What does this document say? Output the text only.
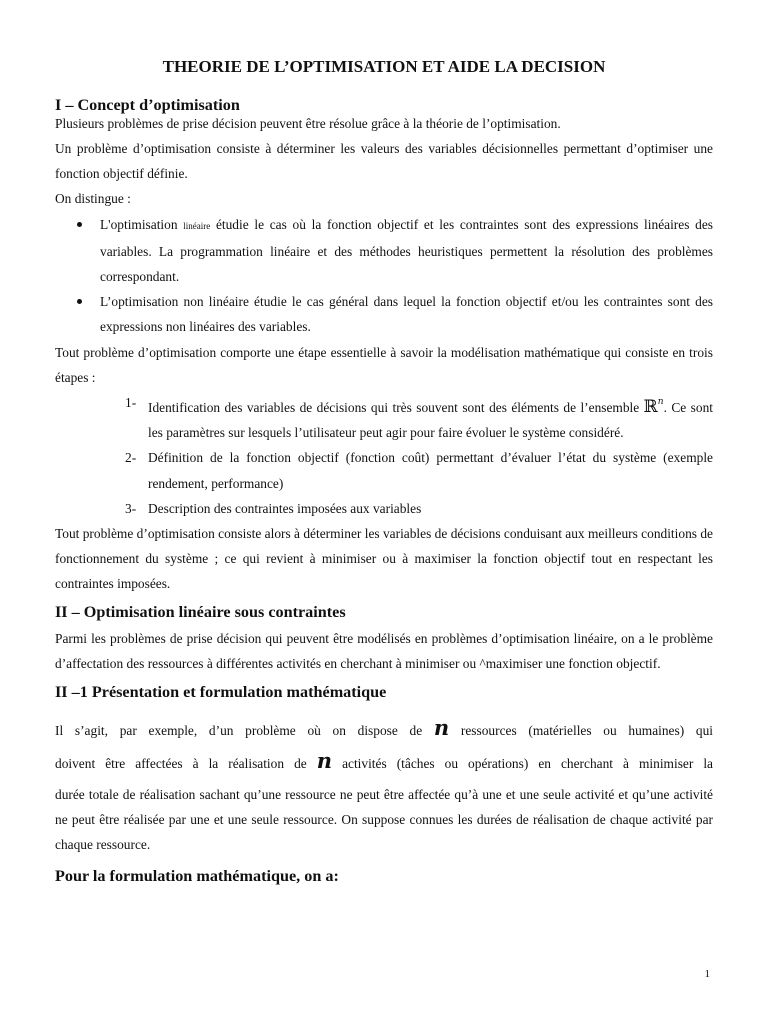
THEORIE DE L’OPTIMISATION ET AIDE LA DECISION
I – Concept d’optimisation

Plusieurs problèmes de prise décision peuvent être résolue grâce à la théorie de l’optimisation.

Un problème d’optimisation consiste à déterminer les valeurs des variables décisionnelles permettant d’optimiser une fonction objectif définie.

On distingue :

L'optimisation linéaire étudie le cas où la fonction objectif et les contraintes sont des expressions linéaires des variables. La programmation linéaire et des méthodes heuristiques permettent la résolution des problèmes correspondant.
L’optimisation non linéaire étudie le cas général dans lequel la fonction objectif et/ou les contraintes sont des expressions non linéaires des variables.

Tout problème d’optimisation comporte une étape essentielle à savoir la modélisation mathématique qui consiste en trois étapes :

1- Identification des variables de décisions qui très souvent sont des éléments de l’ensemble ℝ$^n$. Ce sont les paramètres sur lesquels l’utilisateur peut agir pour faire évoluer le système considéré.
2- Définition de la fonction objectif (fonction coût) permettant d’évaluer l’état du système (exemple rendement, performance)
3- Description des contraintes imposées aux variables

Tout problème d’optimisation consiste alors à déterminer les variables de décisions conduisant aux meilleurs conditions de fonctionnement du système ; ce qui revient à minimiser ou à maximiser la fonction objectif tout en respectant les contraintes imposées.

II – Optimisation linéaire sous contraintes

Parmi les problèmes de prise décision qui peuvent être modélisés en problèmes d’optimisation linéaire, on a le problème d’affectation des ressources à différentes activités en cherchant à minimiser ou ^maximiser une fonction objectif.

II –1 Présentation et formulation mathématique

Il s’agit, par exemple, d’un problème où on dispose de n ressources (matérielles ou humaines) qui

doivent être affectées à la réalisation de n activités (tâches ou opérations) en cherchant à minimiser la

durée totale de réalisation sachant qu’une ressource ne peut être affectée qu’à une et une seule activité et qu’une activité ne peut être réalisée par une et une seule ressource. On suppose connues les durées de réalisation de chaque activité par chaque ressource.

Pour la formulation mathématique, on a:
1
